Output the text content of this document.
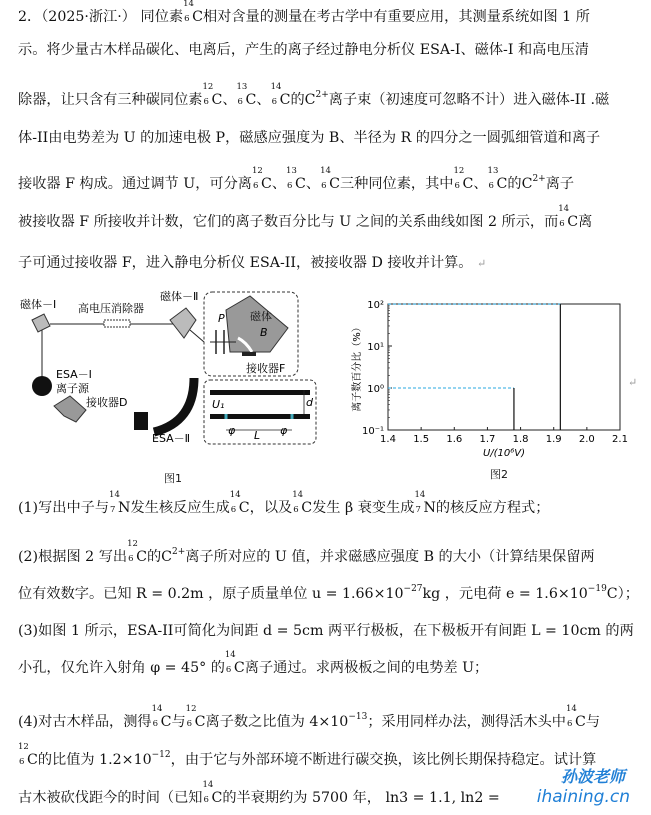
2．（2025·浙江·） 同位素
14
6 C相对含量的测量在考古学中有重要应用，其测量系统如图 1 所
示。将少量古木样品碳化、电离后，产生的离子经过静电分析仪 ESA-I、磁体-I 和高电压清
除器，让只含有三种碳同位素
12
6 C、
13
6 C、
14
6 C的$C^{2+}$离子束（初速度可忽略不计）进入磁体-II .磁
体-II由电势差为 U 的加速电极 P，磁感应强度为 B、半径为 R 的四分之一圆弧细管道和离子
接收器 F 构成。通过调节 U，可分离
12
6 C、
13
6 C、
14
6 C三种同位素，其中
12
6 C、
13
6 C的$C^{2+}$离子
被接收器 F 所接收并计数，它们的离子数百分比与 U 之间的关系曲线如图 2 所示，而
14
6 C离
子可通过接收器 F，进入静电分析仪 ESA-II，被接收器 D 接收并计算。 ↵
磁体－Ⅰ 高电压消除器
磁体－Ⅱ
P 磁体
B
接收器F
ESA－Ⅰ
离子源
接收器D
ESA－Ⅱ
d
U₁
L
φ	φ
图1
1.4 1.5 1.6 1.7 1.8 1.9 2.0 2.1
10⁻¹
10⁰
10¹
10²
U/(10⁶V)
离子数百分比（%）
图2
↵
(1)写出中子与
14
7 N发生核反应生成
14
6 C，以及
14
6 C发生 β 衰变生成
14
7 N的核反应方程式；
(2)根据图 2 写出
12
6 C的$C^{2+}$离子所对应的 U 值，并求磁感应强度 B 的大小（计算结果保留两
位有效数字。已知 R = 0.2m ，原子质量单位 $u = 1.66\times 10^{-27}kg$ ，元电荷 $e = 1.6\times 10^{-19}C$）；
(3)如图 1 所示，ESA-II可简化为间距 d = 5cm 两平行极板，在下极板开有间距 L = 10cm 的两
小孔，仅允许入射角 φ = 45° 的
14
6 C离子通过。求两极板之间的电势差 U；
(4)对古木样品，测得
14
6 C与
12
6 C离子数之比值为 $4\times 10^{-13}$；采用同样办法，测得活木头中
14
6 C与
12
6 C的比值为 $1.2\times 10^{-12}$，由于它与外部环境不断进行碳交换，该比例长期保持稳定。试计算
古木被砍伐距今的时间（已知
14
6 C的半衰期约为 5700 年， ln3 = 1.1, ln2 =
孙波老师
ihaining.cn
